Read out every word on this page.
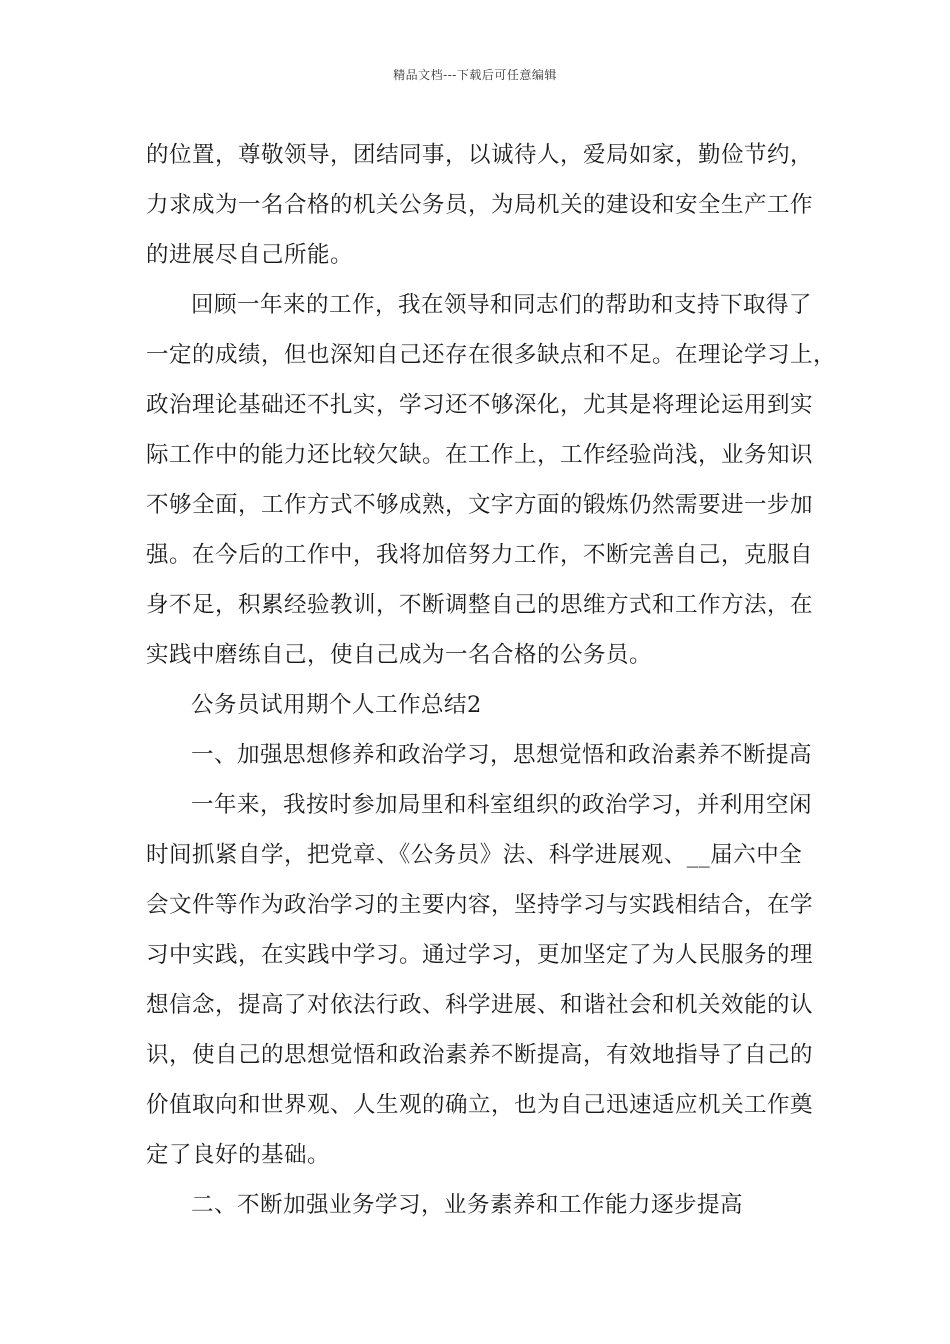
精品文档---下载后可任意编辑
的位置，尊敬领导，团结同事，以诚待人，爱局如家，勤俭节约，
力求成为一名合格的机关公务员，为局机关的建设和安全生产工作
的进展尽自己所能。
回顾一年来的工作，我在领导和同志们的帮助和支持下取得了
一定的成绩，但也深知自己还存在很多缺点和不足。在理论学习上，
政治理论基础还不扎实，学习还不够深化，尤其是将理论运用到实
际工作中的能力还比较欠缺。在工作上，工作经验尚浅，业务知识
不够全面，工作方式不够成熟，文字方面的锻炼仍然需要进一步加
强。在今后的工作中，我将加倍努力工作，不断完善自己，克服自
身不足，积累经验教训，不断调整自己的思维方式和工作方法，在
实践中磨练自己，使自己成为一名合格的公务员。
公务员试用期个人工作总结2
一、加强思想修养和政治学习，思想觉悟和政治素养不断提高
一年来，我按时参加局里和科室组织的政治学习，并利用空闲
时间抓紧自学，把党章、《公务员》法、科学进展观、__届六中全
会文件等作为政治学习的主要内容，坚持学习与实践相结合，在学
习中实践，在实践中学习。通过学习，更加坚定了为人民服务的理
想信念，提高了对依法行政、科学进展、和谐社会和机关效能的认
识，使自己的思想觉悟和政治素养不断提高，有效地指导了自己的
价值取向和世界观、人生观的确立，也为自己迅速适应机关工作奠
定了良好的基础。
二、不断加强业务学习，业务素养和工作能力逐步提高
